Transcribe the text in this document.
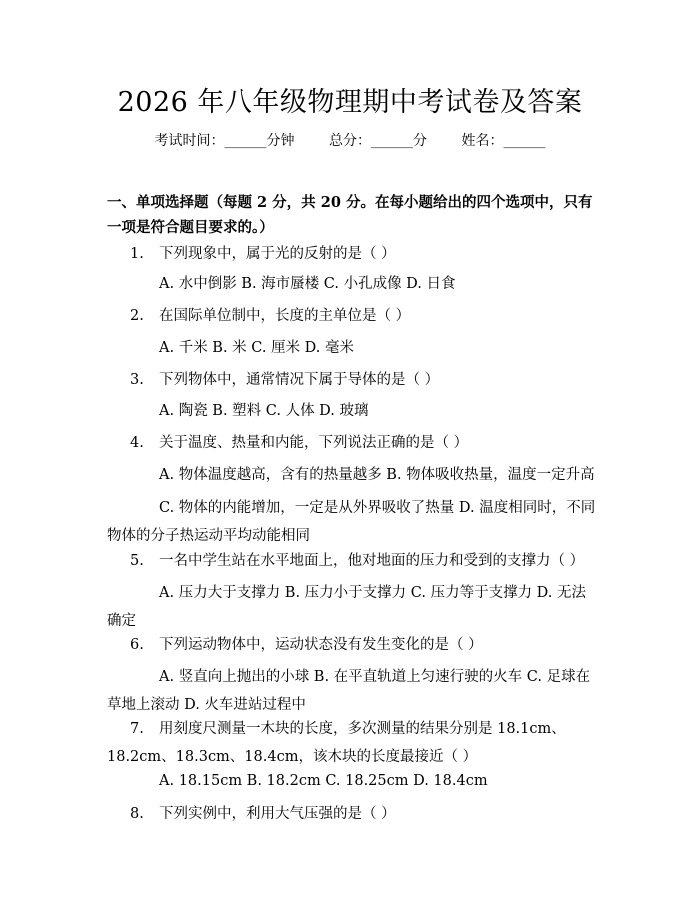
2026 年八年级物理期中考试卷及答案
考试时间：______分钟 总分：______分 姓名：______
一、单项选择题（每题 2 分，共 20 分。在每小题给出的四个选项中，只有一项是符合题目要求的。）
1. 下列现象中，属于光的反射的是（ ）
A. 水中倒影 B. 海市蜃楼 C. 小孔成像 D. 日食
2. 在国际单位制中，长度的主单位是（ ）
A. 千米 B. 米 C. 厘米 D. 毫米
3. 下列物体中，通常情况下属于导体的是（ ）
A. 陶瓷 B. 塑料 C. 人体 D. 玻璃
4. 关于温度、热量和内能，下列说法正确的是（ ）
A. 物体温度越高，含有的热量越多 B. 物体吸收热量，温度一定升高
C. 物体的内能增加，一定是从外界吸收了热量 D. 温度相同时，不同物体的分子热运动平均动能相同
5. 一名中学生站在水平地面上，他对地面的压力和受到的支撑力（ ）
A. 压力大于支撑力 B. 压力小于支撑力 C. 压力等于支撑力 D. 无法确定
6. 下列运动物体中，运动状态没有发生变化的是（ ）
A. 竖直向上抛出的小球 B. 在平直轨道上匀速行驶的火车 C. 足球在草地上滚动 D. 火车进站过程中
7. 用刻度尺测量一木块的长度，多次测量的结果分别是 18.1cm、18.2cm、18.3cm、18.4cm，该木块的长度最接近（ ）
A. 18.15cm B. 18.2cm C. 18.25cm D. 18.4cm
8. 下列实例中，利用大气压强的是（ ）
